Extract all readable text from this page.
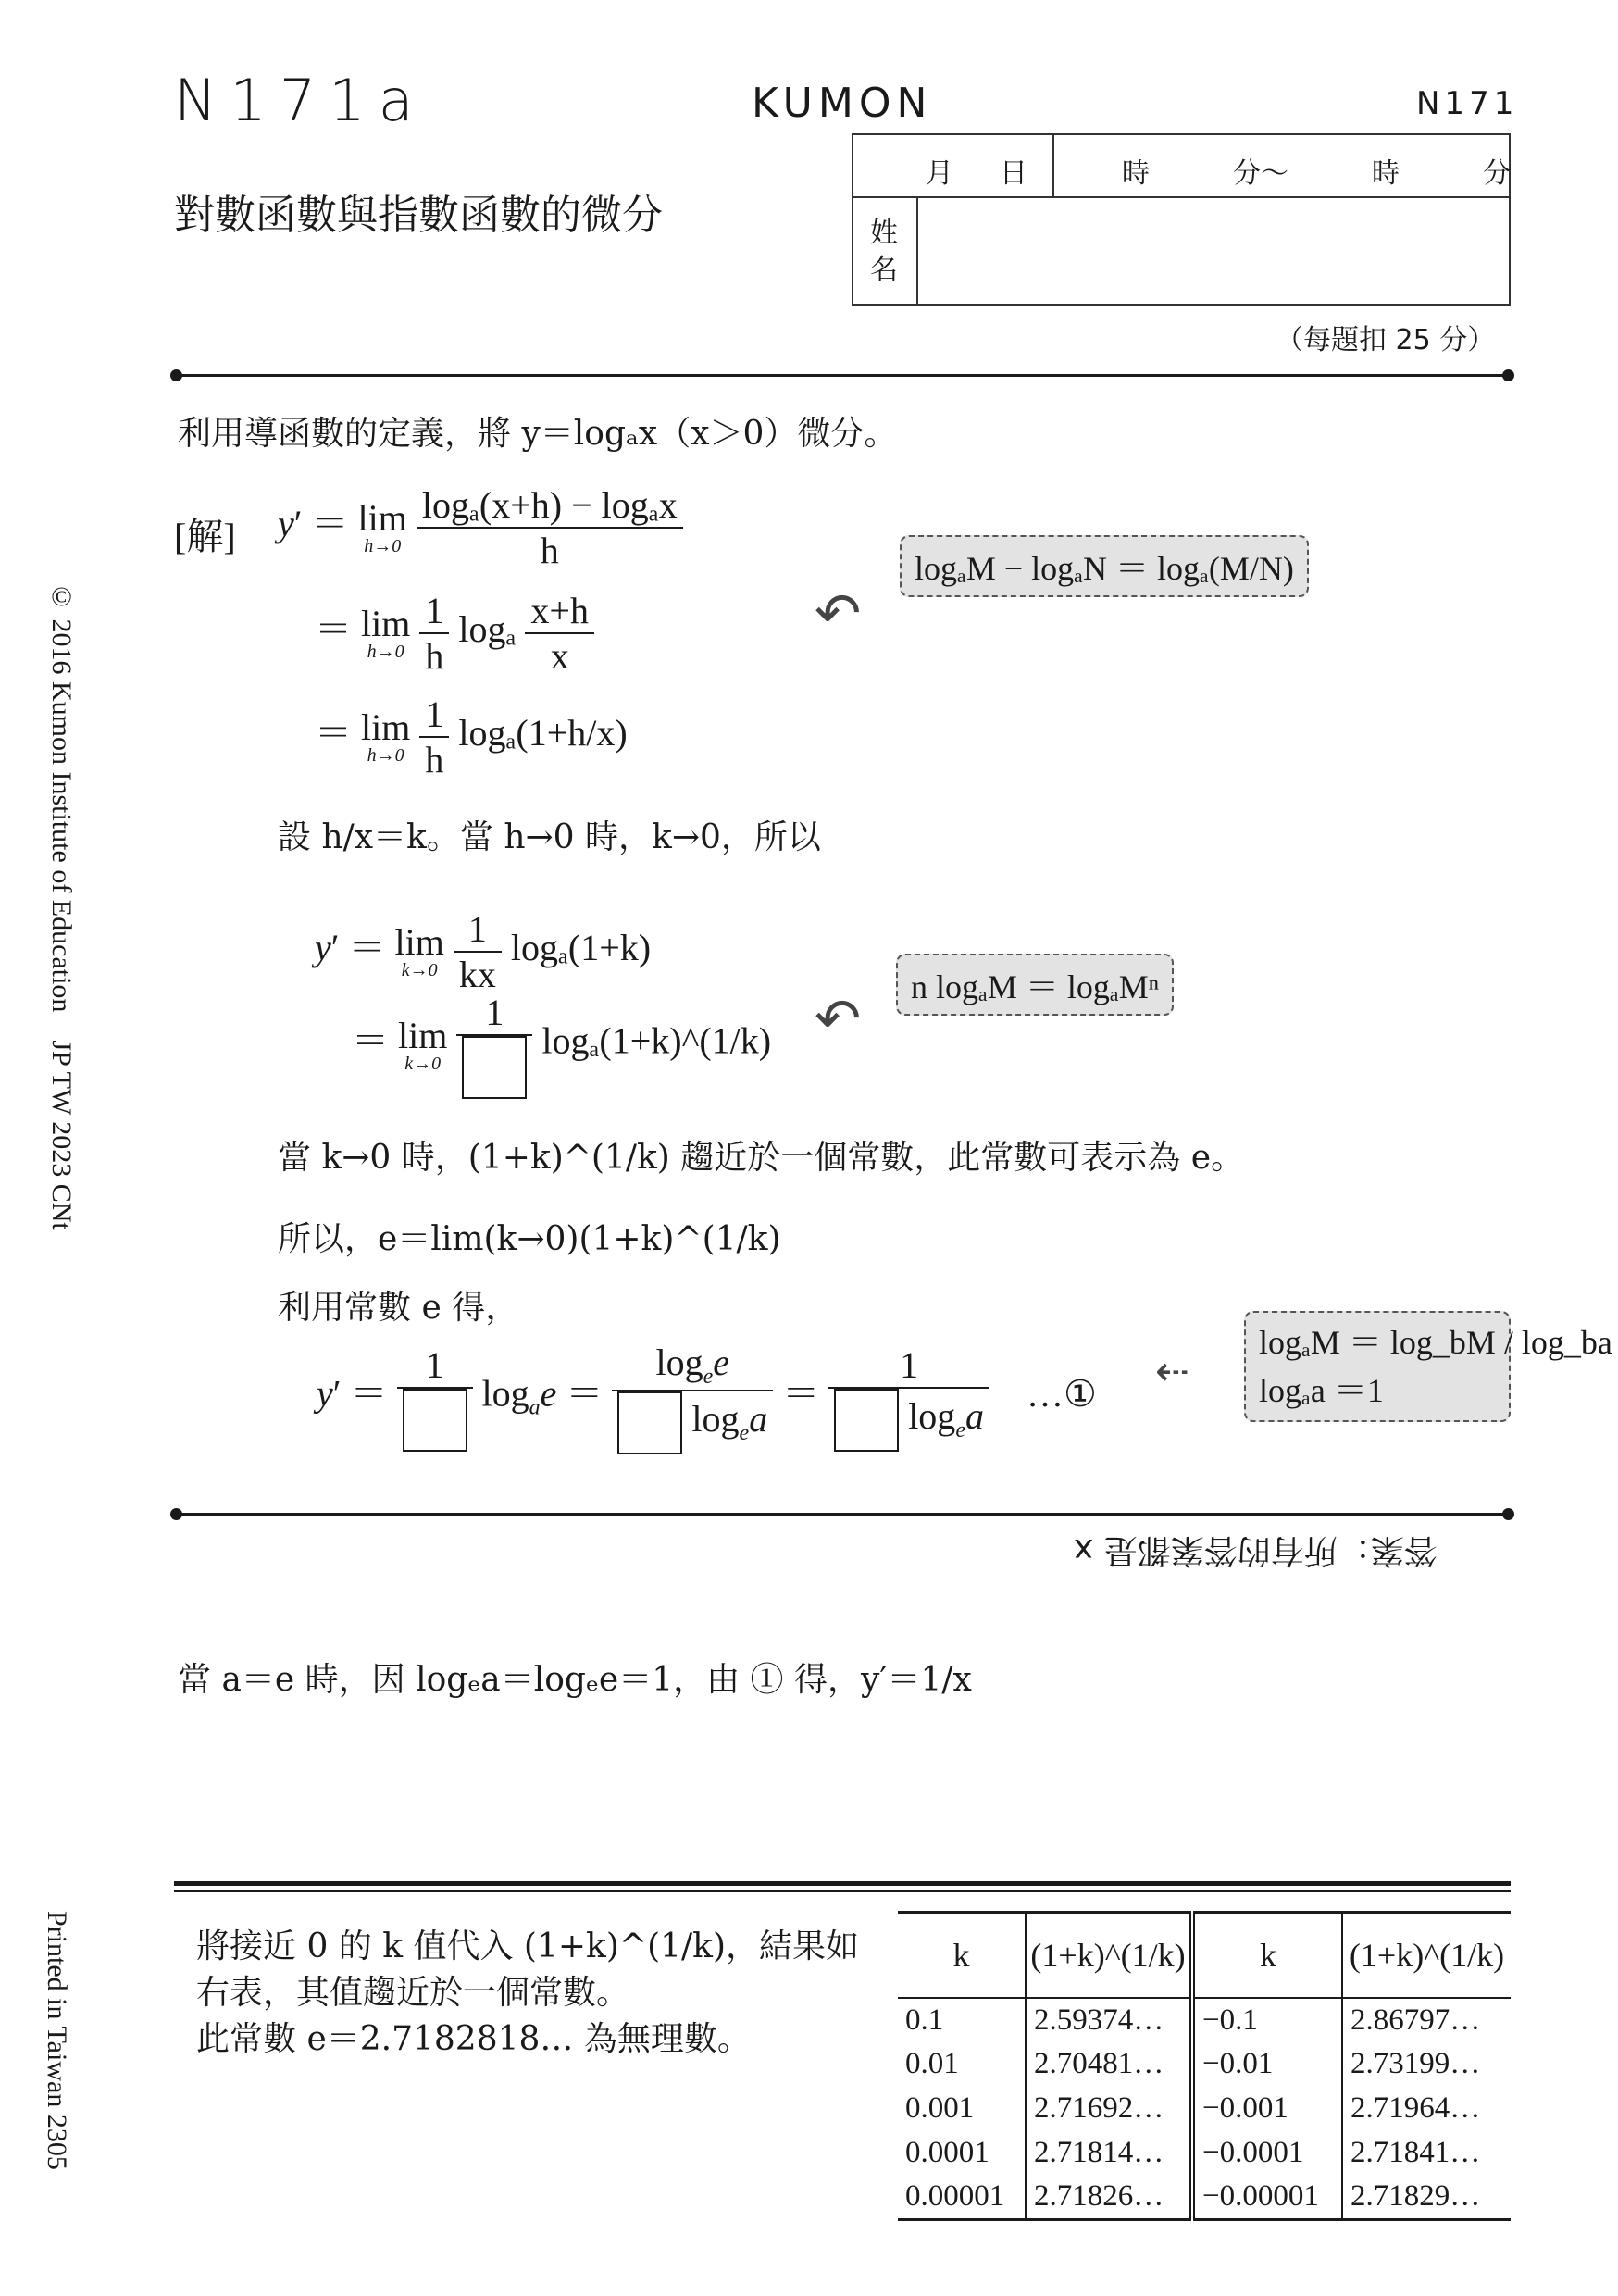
N171a	KUMON	N171
對數函數與指數函數的微分
月 日	時　　　分〜　　　時　　　分
姓名
（每題扣 25 分）
© 2016 Kumon Institute of Education　JP TW 2023 CNt
Printed in Taiwan 2305
利用導函數的定義，將 y＝logₐx（x＞0）微分。
[解] y′ ＝ lim
h→0
$\frac{\text{logₐ(x+h) − logₐx}}{h}$
＝ lim
h→0
$\frac{1}{h}$ logₐ $\frac{x+h}{x}$
＝ lim
h→0
$\frac{1}{h} \log_a(1+h/x)$
logₐM − logₐN ＝ logₐ(M/N)
↶
設 h/x＝k。當 h→0 時，k→0，所以
y′ ＝ lim
k→0
$\frac{1}{kx} \log_a(1+k)$
＝ lim
k→0

1
logₐ(1+k)^(1/k)
n logₐM ＝ logₐMⁿ
↶
當 k→0 時，(1+k)^(1/k) 趨近於一個常數，此常數可表示為 e。
所以，e＝lim(k→0)(1+k)^(1/k)
利用常數 e 得，
y′ ＝
1
$\log_ae = \frac{\log_ee}{\log_ea} = \frac{1}{\log_ea}$ …① ⇠
logₐM ＝ log_bM / log_ba
logₐa ＝1
答案：所有的答案都是 x
當 a＝e 時，因 logₑa＝logₑe＝1，由 ① 得，y′＝1/x
將接近 0 的 k 值代入 (1+k)^(1/k)，結果如
右表，其值趨近於一個常數。
此常數 e＝2.7182818… 為無理數。
k	(1+k)^(1/k)	k	(1+k)^(1/k)
0.1	2.59374…	−0.1	2.86797…
0.01	2.70481…	−0.01	2.73199…
0.001	2.71692…	−0.001	2.71964…
0.0001	2.71814…	−0.0001	2.71841…
0.00001	2.71826…	−0.00001	2.71829…
